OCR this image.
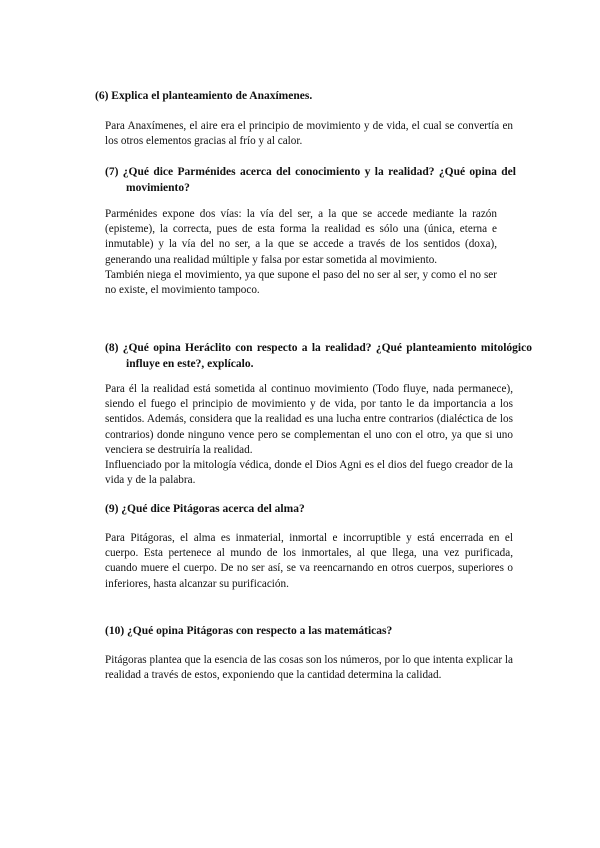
(6) Explica el planteamiento de Anaxímenes.

Para Anaxímenes, el aire era el principio de movimiento y de vida, el cual se convertía en los otros elementos gracias al frío y al calor.

(7) ¿Qué dice Parménides acerca del conocimiento y la realidad? ¿Qué opina del movimiento?

Parménides expone dos vías: la vía del ser, a la que se accede mediante la razón (episteme), la correcta, pues de esta forma la realidad es sólo una (única, eterna e inmutable) y la vía del no ser, a la que se accede a través de los sentidos (doxa), generando una realidad múltiple y falsa por estar sometida al movimiento.
También niega el movimiento, ya que supone el paso del no ser al ser, y como el no ser no existe, el movimiento tampoco.

(8) ¿Qué opina Heráclito con respecto a la realidad? ¿Qué planteamiento mitológico influye en este?, explícalo.

Para él la realidad está sometida al continuo movimiento (Todo fluye, nada permanece), siendo el fuego el principio de movimiento y de vida, por tanto le da importancia a los sentidos. Además, considera que la realidad es una lucha entre contrarios (dialéctica de los contrarios) donde ninguno vence pero se complementan el uno con el otro, ya que si uno venciera se destruiría la realidad.
Influenciado por la mitología védica, donde el Dios Agni es el dios del fuego creador de la vida y de la palabra.

(9) ¿Qué dice Pitágoras acerca del alma?

Para Pitágoras, el alma es inmaterial, inmortal e incorruptible y está encerrada en el cuerpo. Esta pertenece al mundo de los inmortales, al que llega, una vez purificada, cuando muere el cuerpo. De no ser así, se va reencarnando en otros cuerpos, superiores o inferiores, hasta alcanzar su purificación.

(10) ¿Qué opina Pitágoras con respecto a las matemáticas?

Pitágoras plantea que la esencia de las cosas son los números, por lo que intenta explicar la realidad a través de estos, exponiendo que la cantidad determina la calidad.
